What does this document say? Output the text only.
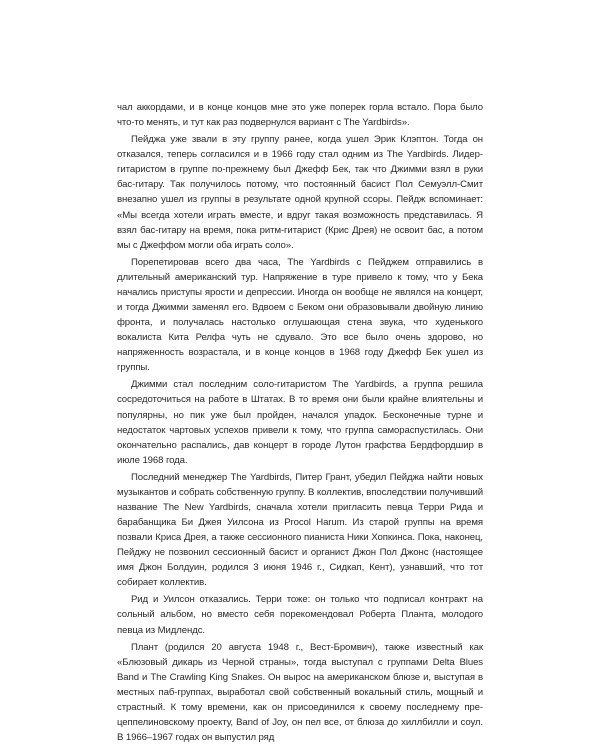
чал аккордами, и в конце концов мне это уже поперек горла встало. Пора было что-то менять, и тут как раз подвернулся вариант с The Yardbirds».

Пейджа уже звали в эту группу ранее, когда ушел Эрик Клэптон. Тогда он отказался, теперь согласился и в 1966 году стал одним из The Yardbirds. Лидер-гитаристом в группе по-прежнему был Джефф Бек, так что Джимми взял в руки бас-гитару. Так получилось потому, что постоянный басист Пол Семуэлл-Смит внезапно ушел из группы в результате одной крупной ссоры. Пейдж вспоминает: «Мы всегда хотели играть вместе, и вдруг такая возможность представилась. Я взял бас-гитару на время, пока ритм-гитарист (Крис Дрея) не освоит бас, а потом мы с Джеффом могли оба играть соло».

Порепетировав всего два часа, The Yardbirds с Пейджем отправились в длительный американский тур. Напряжение в туре привело к тому, что у Бека начались приступы ярости и депрессии. Иногда он вообще не являлся на концерт, и тогда Джимми заменял его. Вдвоем с Беком они образовывали двойную линию фронта, и получалась настолько оглушающая стена звука, что худенького вокалиста Кита Релфа чуть не сдувало. Это все было очень здорово, но напряженность возрастала, и в конце концов в 1968 году Джефф Бек ушел из группы.

Джимми стал последним соло-гитаристом The Yardbirds, а группа решила сосредоточиться на работе в Штатах. В то время они были крайне влиятельны и популярны, но пик уже был пройден, начался упадок. Бесконечные турне и недостаток чартовых успехов привели к тому, что группа самораспустилась. Они окончательно распались, дав концерт в городе Лутон графства Бердфордшир в июле 1968 года.

Последний менеджер The Yardbirds, Питер Грант, убедил Пейджа найти новых музыкантов и собрать собственную группу. В коллектив, впоследствии получивший название The New Yardbirds, сначала хотели пригласить певца Терри Рида и барабанщика Би Джея Уилсона из Procol Harum. Из старой группы на время позвали Криса Дрея, а также сессионного пианиста Ники Хопкинса. Пока, наконец, Пейджу не позвонил сессионный басист и органист Джон Пол Джонс (настоящее имя Джон Болдуин, родился 3 июня 1946 г., Сидкап, Кент), узнавший, что тот собирает коллектив.

Рид и Уилсон отказались. Терри тоже: он только что подписал контракт на сольный альбом, но вместо себя порекомендовал Роберта Планта, молодого певца из Мидлендс.

Плант (родился 20 августа 1948 г., Вест-Бромвич), также известный как «Блюзовый дикарь из Черной страны», тогда выступал с группами Delta Blues Band и The Crawling King Snakes. Он вырос на американском блюзе и, выступая в местных паб-группах, выработал свой собственный вокальный стиль, мощный и страстный. К тому времени, как он присоединился к своему последнему пре-цеппелиновскому проекту, Band of Joy, он пел все, от блюза до хиллбилли и соул. В 1966–1967 годах он выпустил ряд
